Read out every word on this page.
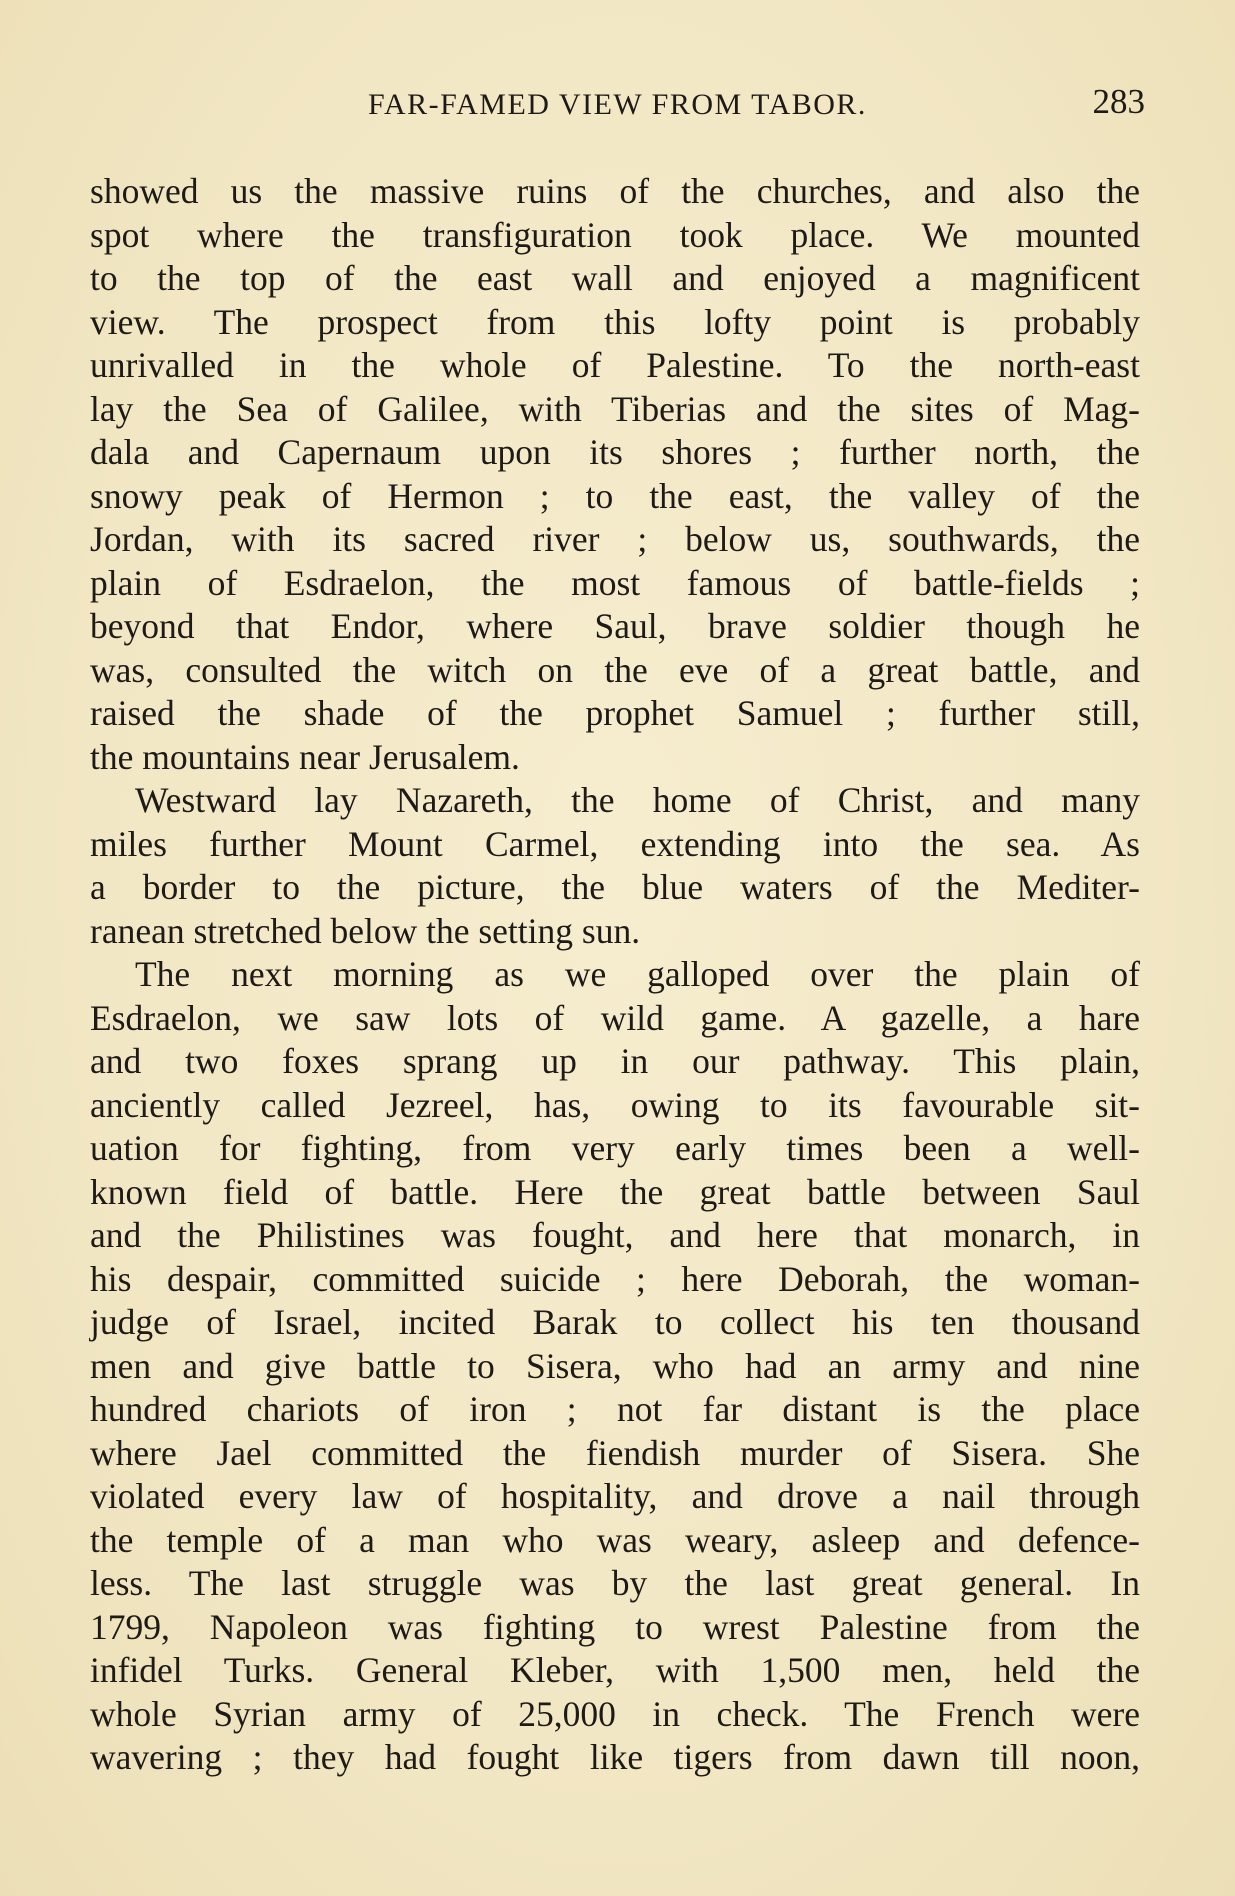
FAR-FAMED VIEW FROM TABOR.	283
showed us the massive ruins of the churches, and also the
spot where the transfiguration took place. We mounted
to the top of the east wall and enjoyed a magnificent
view. The prospect from this lofty point is probably
unrivalled in the whole of Palestine. To the north-east
lay the Sea of Galilee, with Tiberias and the sites of Mag-
dala and Capernaum upon its shores ; further north, the
snowy peak of Hermon ; to the east, the valley of the
Jordan, with its sacred river ; below us, southwards, the
plain of Esdraelon, the most famous of battle-fields ;
beyond that Endor, where Saul, brave soldier though he
was, consulted the witch on the eve of a great battle, and
raised the shade of the prophet Samuel ; further still,
the mountains near Jerusalem.
Westward lay Nazareth, the home of Christ, and many
miles further Mount Carmel, extending into the sea. As
a border to the picture, the blue waters of the Mediter-
ranean stretched below the setting sun.
The next morning as we galloped over the plain of
Esdraelon, we saw lots of wild game. A gazelle, a hare
and two foxes sprang up in our pathway. This plain,
anciently called Jezreel, has, owing to its favourable sit-
uation for fighting, from very early times been a well-
known field of battle. Here the great battle between Saul
and the Philistines was fought, and here that monarch, in
his despair, committed suicide ; here Deborah, the woman-
judge of Israel, incited Barak to collect his ten thousand
men and give battle to Sisera, who had an army and nine
hundred chariots of iron ; not far distant is the place
where Jael committed the fiendish murder of Sisera. She
violated every law of hospitality, and drove a nail through
the temple of a man who was weary, asleep and defence-
less. The last struggle was by the last great general. In
1799, Napoleon was fighting to wrest Palestine from the
infidel Turks. General Kleber, with 1,500 men, held the
whole Syrian army of 25,000 in check. The French were
wavering ; they had fought like tigers from dawn till noon,
